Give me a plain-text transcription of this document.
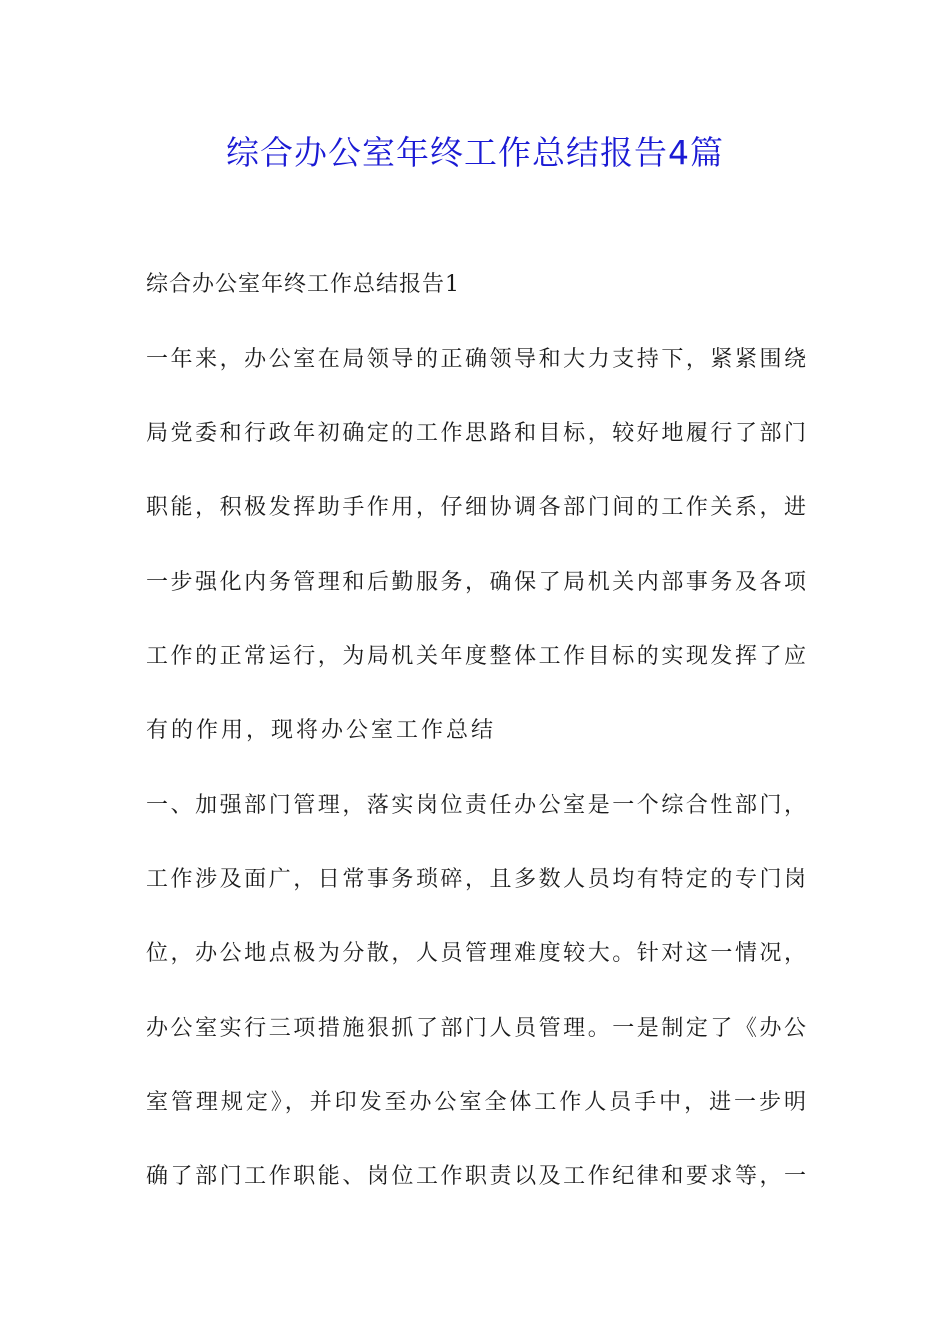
综合办公室年终工作总结报告4篇

综合办公室年终工作总结报告1

一年来，办公室在局领导的正确领导和大力支持下，紧紧围绕
局党委和行政年初确定的工作思路和目标，较好地履行了部门
职能，积极发挥助手作用，仔细协调各部门间的工作关系，进
一步强化内务管理和后勤服务，确保了局机关内部事务及各项
工作的正常运行，为局机关年度整体工作目标的实现发挥了应
有的作用，现将办公室工作总结
一、加强部门管理，落实岗位责任办公室是一个综合性部门，
工作涉及面广，日常事务琐碎，且多数人员均有特定的专门岗
位，办公地点极为分散，人员管理难度较大。针对这一情况，
办公室实行三项措施狠抓了部门人员管理。一是制定了《办公
室管理规定》，并印发至办公室全体工作人员手中，进一步明
确了部门工作职能、岗位工作职责以及工作纪律和要求等，一
